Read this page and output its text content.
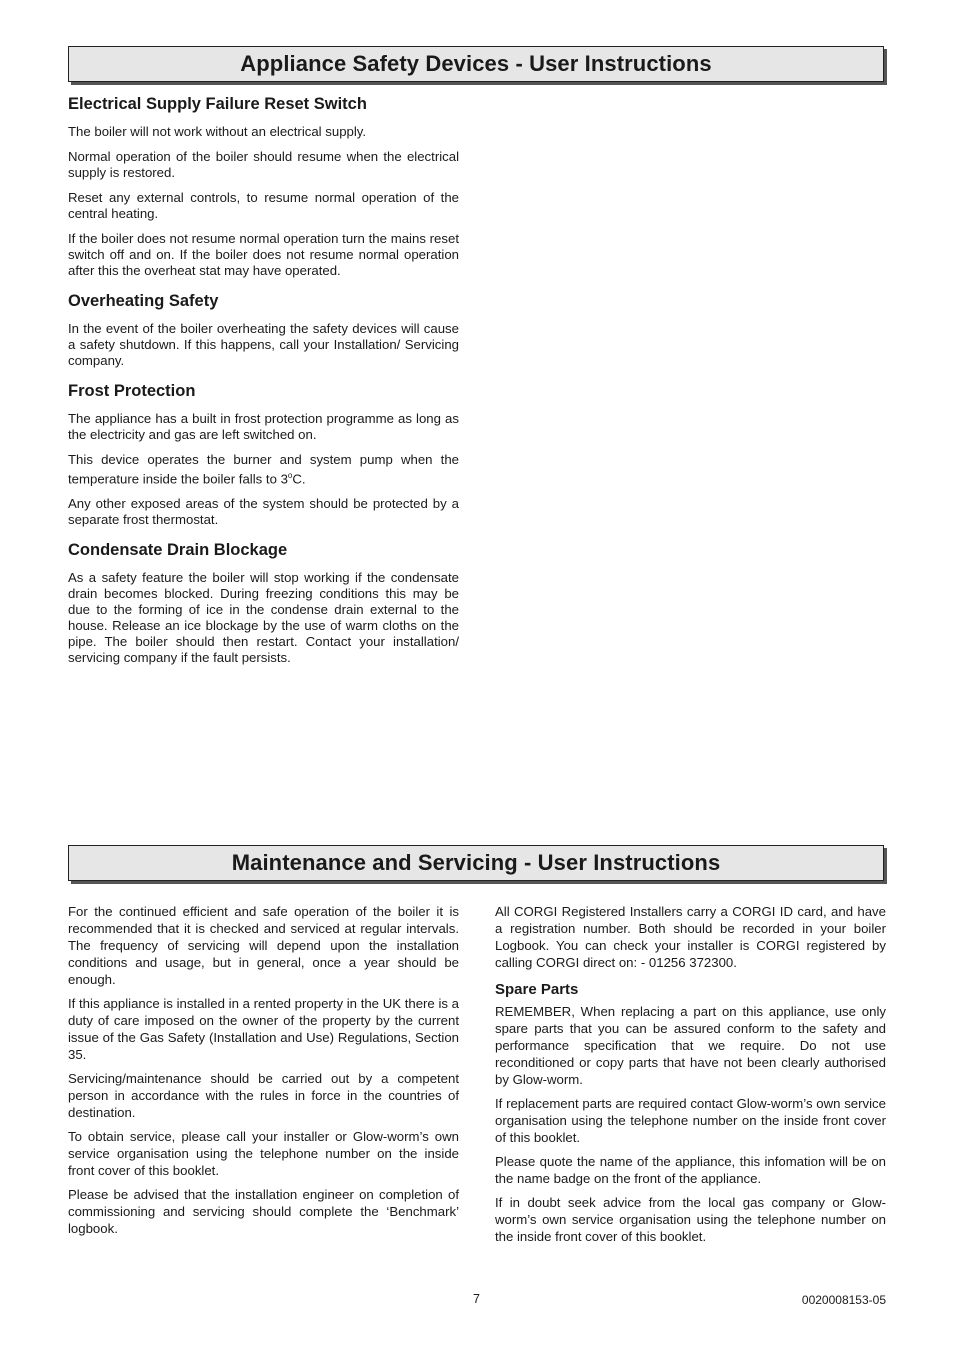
Appliance Safety Devices - User Instructions
Electrical Supply Failure Reset Switch

The boiler will not work without an electrical supply.

Normal operation of the boiler should resume when the electrical supply is restored.

Reset any external controls, to resume normal operation of the central heating.

If the boiler does not resume normal operation turn the mains reset switch off and on. If the boiler does not resume normal operation after this the overheat stat may have operated.

Overheating Safety

In the event of the boiler overheating the safety devices will cause a safety shutdown. If this happens, call your Installation/ Servicing company.

Frost Protection

The appliance has a built in frost protection programme as long as the electricity and gas are left switched on.

This device operates the burner and system pump when the temperature inside the boiler falls to 3$^o$C.

Any other exposed areas of the system should be protected by a separate frost thermostat.

Condensate Drain Blockage

As a safety feature the boiler will stop working if the condensate drain becomes blocked. During freezing conditions this may be due to the forming of ice in the condense drain external to the house. Release an ice blockage by the use of warm cloths on the pipe. The boiler should then restart. Contact your installation/ servicing company if the fault persists.

Maintenance and Servicing - User Instructions

For the continued efficient and safe operation of the boiler it is recommended that it is checked and serviced at regular intervals. The frequency of servicing will depend upon the installation conditions and usage, but in general, once a year should be enough.

If this appliance is installed in a rented property in the UK there is a duty of care imposed on the owner of the property by the current issue of the Gas Safety (Installation and Use) Regulations, Section 35.

Servicing/maintenance should be carried out by a competent person in accordance with the rules in force in the countries of destination.

To obtain service, please call your installer or Glow-worm’s own service organisation using the telephone number on the inside front cover of this booklet.

Please be advised that the installation engineer on completion of commissioning and servicing should complete the ‘Benchmark’ logbook.

All CORGI Registered Installers carry a CORGI ID card, and have a registration number. Both should be recorded in your boiler Logbook. You can check your installer is CORGI registered by calling CORGI direct on: - 01256 372300.

Spare Parts

REMEMBER, When replacing a part on this appliance, use only spare parts that you can be assured conform to the safety and performance specification that we require. Do not use reconditioned or copy parts that have not been clearly authorised by Glow-worm.

If replacement parts are required contact Glow-worm’s own service organisation using the telephone number on the inside front cover of this booklet.

Please quote the name of the appliance, this infomation will be on the name badge on the front of the appliance.

If in doubt seek advice from the local gas company or Glow-worm’s own service organisation using the telephone number on the inside front cover of this booklet.

7	0020008153-05
